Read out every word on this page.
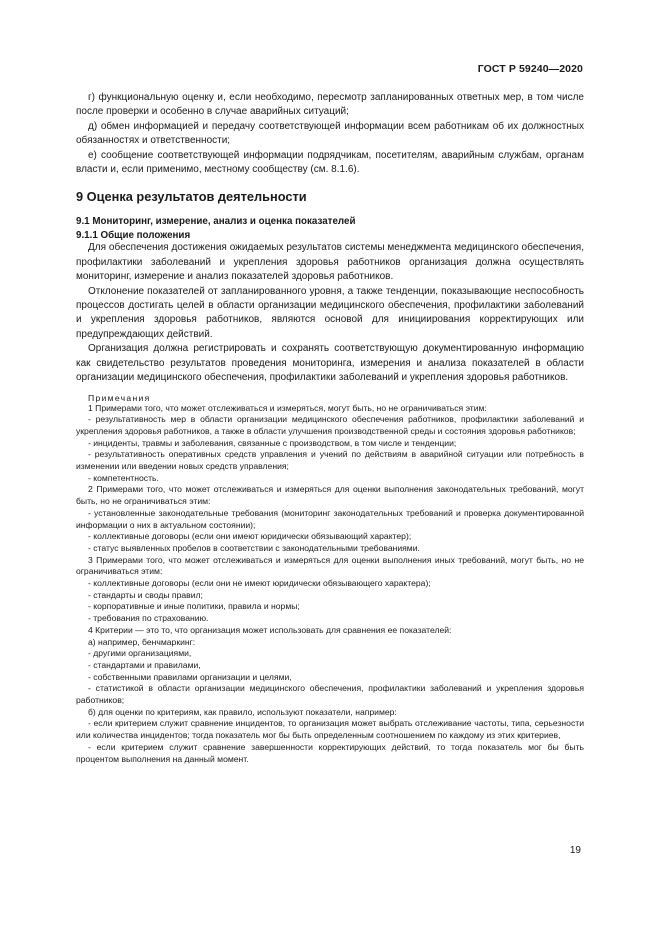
ГОСТ Р 59240—2020

г) функциональную оценку и, если необходимо, пересмотр запланированных ответных мер, в том числе после проверки и особенно в случае аварийных ситуаций;

д) обмен информацией и передачу соответствующей информации всем работникам об их должностных обязанностях и ответственности;

е) сообщение соответствующей информации подрядчикам, посетителям, аварийным службам, органам власти и, если применимо, местному сообществу (см. 8.1.6).

9 Оценка результатов деятельности

9.1 Мониторинг, измерение, анализ и оценка показателей

9.1.1 Общие положения

Для обеспечения достижения ожидаемых результатов системы менеджмента медицинского обеспечения, профилактики заболеваний и укрепления здоровья работников организация должна осуществлять мониторинг, измерение и анализ показателей здоровья работников.

Отклонение показателей от запланированного уровня, а также тенденции, показывающие неспособность процессов достигать целей в области организации медицинского обеспечения, профилактики заболеваний и укрепления здоровья работников, являются основой для инициирования корректирующих или предупреждающих действий.

Организация должна регистрировать и сохранять соответствующую документированную информацию как свидетельство результатов проведения мониторинга, измерения и анализа показателей в области организации медицинского обеспечения, профилактики заболеваний и укрепления здоровья работников.

Примечания

1 Примерами того, что может отслеживаться и измеряться, могут быть, но не ограничиваться этим:

- результативность мер в области организации медицинского обеспечения работников, профилактики заболеваний и укрепления здоровья работников, а также в области улучшения производственной среды и состояния здоровья работников;

- инциденты, травмы и заболевания, связанные с производством, в том числе и тенденции;

- результативность оперативных средств управления и учений по действиям в аварийной ситуации или потребность в изменении или введении новых средств управления;

- компетентность.

2 Примерами того, что может отслеживаться и измеряться для оценки выполнения законодательных требований, могут быть, но не ограничиваться этим:

- установленные законодательные требования (мониторинг законодательных требований и проверка документированной информации о них в актуальном состоянии);

- коллективные договоры (если они имеют юридически обязывающий характер);

- статус выявленных пробелов в соответствии с законодательными требованиями.

3 Примерами того, что может отслеживаться и измеряться для оценки выполнения иных требований, могут быть, но не ограничиваться этим:

- коллективные договоры (если они не имеют юридически обязывающего характера);

- стандарты и своды правил;

- корпоративные и иные политики, правила и нормы;

- требования по страхованию.

4 Критерии — это то, что организация может использовать для сравнения ее показателей:

а) например, бенчмаркинг:

- другими организациями,

- стандартами и правилами,

- собственными правилами организации и целями,

- статистикой в области организации медицинского обеспечения, профилактики заболеваний и укрепления здоровья работников;

б) для оценки по критериям, как правило, используют показатели, например:

- если критерием служит сравнение инцидентов, то организация может выбрать отслеживание частоты, типа, серьезности или количества инцидентов; тогда показатель мог бы быть определенным соотношением по каждому из этих критериев,

- если критерием служит сравнение завершенности корректирующих действий, то тогда показатель мог бы быть процентом выполнения на данный момент.

19
